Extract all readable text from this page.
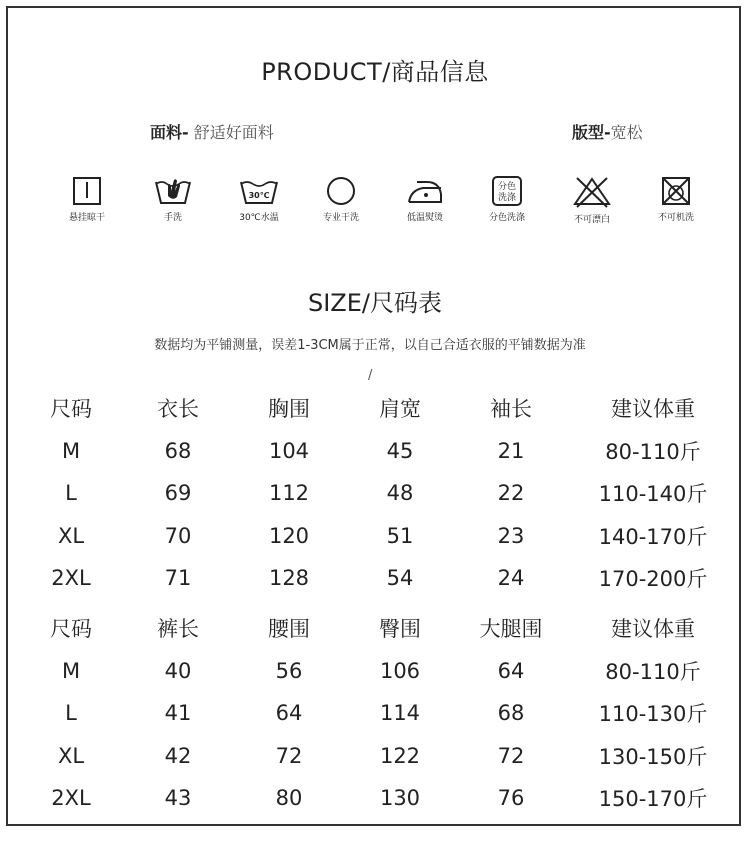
PRODUCT/商品信息
面料- 舒适好面料	版型-宽松
悬挂晾干	手洗
30℃
30℃水温	专业干洗	低温熨烫
分色
洗涤
分色洗涤	不可漂白	不可机洗
SIZE/尺码表
数据均为平铺测量，误差1-3CM属于正常，以自己合适衣服的平铺数据为准
/
尺码	衣长	胸围	肩宽	袖长	建议体重
M	68	104	45	21	80-110斤
L	69	112	48	22	110-140斤
XL	70	120	51	23	140-170斤
2XL	71	128	54	24	170-200斤
尺码	裤长	腰围	臀围	大腿围	建议体重
M	40	56	106	64	80-110斤
L	41	64	114	68	110-130斤
XL	42	72	122	72	130-150斤
2XL	43	80	130	76	150-170斤
